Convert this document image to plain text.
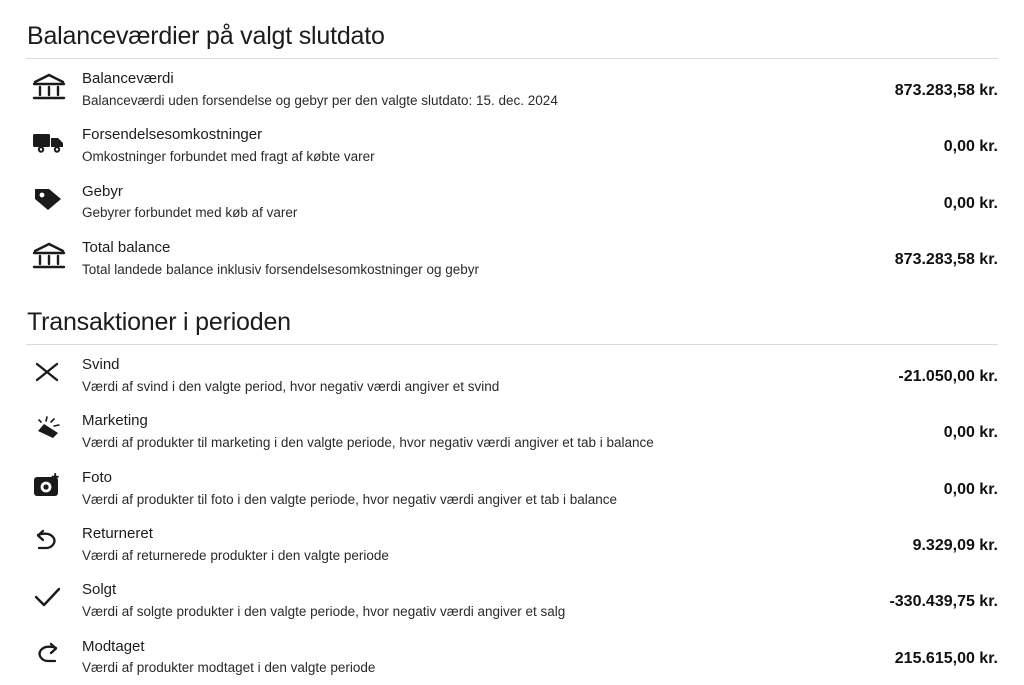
Balanceværdier på valgt slutdato
Balanceværdi
Balanceværdi uden forsendelse og gebyr per den valgte slutdato: 15. dec. 2024
873.283,58 kr.
Forsendelsesomkostninger
Omkostninger forbundet med fragt af købte varer
0,00 kr.
Gebyr
Gebyrer forbundet med køb af varer
0,00 kr.
Total balance
Total landede balance inklusiv forsendelsesomkostninger og gebyr
873.283,58 kr.
Transaktioner i perioden
Svind
Værdi af svind i den valgte period, hvor negativ værdi angiver et svind
-21.050,00 kr.
Marketing
Værdi af produkter til marketing i den valgte periode, hvor negativ værdi angiver et tab i balance
0,00 kr.
Foto
Værdi af produkter til foto i den valgte periode, hvor negativ værdi angiver et tab i balance
0,00 kr.
Returneret
Værdi af returnerede produkter i den valgte periode
9.329,09 kr.
Solgt
Værdi af solgte produkter i den valgte periode, hvor negativ værdi angiver et salg
-330.439,75 kr.
Modtaget
Værdi af produkter modtaget i den valgte periode
215.615,00 kr.
